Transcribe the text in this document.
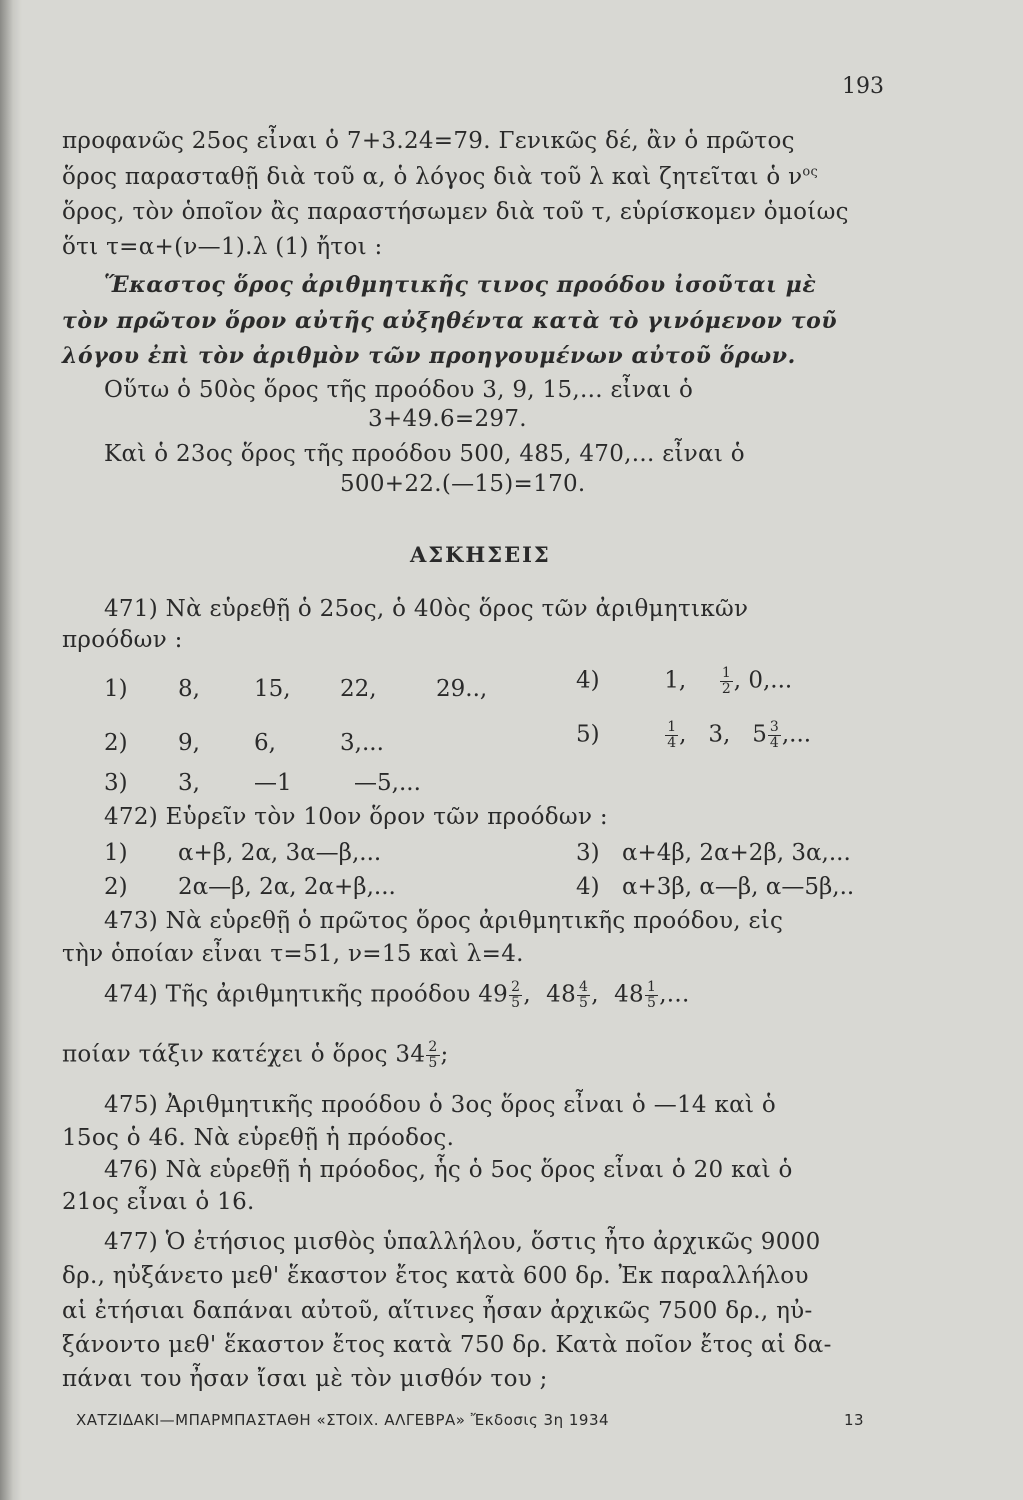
193
προφανῶς 25ος εἶναι ὁ 7+3.24=79. Γενικῶς δέ, ἂν ὁ πρῶτος
ὅρος παρασταθῇ διὰ τοῦ α, ὁ λόγος διὰ τοῦ λ καὶ ζητεῖται ὁ $\nu^{o\varsigma}$
ὅρος, τὸν ὁποῖον ἂς παραστήσωμεν διὰ τοῦ τ, εὑρίσκομεν ὁμοίως
ὅτι τ=α+(ν—1).λ (1) ἤτοι :
Ἕκαστος ὅρος ἀριθμητικῆς τινος προόδου ἰσοῦται μὲ
τὸν πρῶτον ὅρον αὐτῆς αὐξηθέντα κατὰ τὸ γινόμενον τοῦ
λόγου ἐπὶ τὸν ἀριθμὸν τῶν προηγουμένων αὐτοῦ ὅρων.
Οὕτω ὁ 50ὸς ὅρος τῆς προόδου 3, 9, 15,... εἶναι ὁ
3+49.6=297.
Καὶ ὁ 23ος ὅρος τῆς προόδου 500, 485, 470,... εἶναι ὁ
500+22.(—15)=170.
ΑΣΚΗΣΕΙΣ
471) Νὰ εὑρεθῇ ὁ 25ος, ὁ 40ὸς ὅρος τῶν ἀριθμητικῶν
προόδων :
1) 8, 15, 22,	29..,	4)	1, $\frac{1}{2}$ , 0,...
2) 9, 6,	3,...	5)	$\frac{1}{4}$ ,   3,   $5 \frac{3}{4}$ ,...
3) 3, —1	—5,...
472) Εὑρεῖν τὸν 10ον ὅρον τῶν προόδων :
1) α+β, 2α, 3α—β,...	3) α+4β, 2α+2β, 3α,...
2) 2α—β, 2α, 2α+β,...	4) α+3β, α—β, α—5β,..
473) Νὰ εὑρεθῇ ὁ πρῶτος ὅρος ἀριθμητικῆς προόδου, εἰς
τὴν ὁποίαν εἶναι τ=51, ν=15 καὶ λ=4.
474) Τῆς ἀριθμητικῆς προόδου $49 \frac{2}{5}$ ,  $48 \frac{4}{5}$ ,  $48 \frac{1}{5}$ ,...
ποίαν τάξιν κατέχει ὁ ὅρος $34 \frac{2}{5}$ ;
475) Ἀριθμητικῆς προόδου ὁ 3ος ὅρος εἶναι ὁ —14 καὶ ὁ
15ος ὁ 46. Νὰ εὑρεθῇ ἡ πρόοδος.
476) Νὰ εὑρεθῇ ἡ πρόοδος, ἧς ὁ 5ος ὅρος εἶναι ὁ 20 καὶ ὁ
21ος εἶναι ὁ 16.
477) Ὁ ἐτήσιος μισθὸς ὑπαλλήλου, ὅστις ἦτο ἀρχικῶς 9000
δρ., ηὐξάνετο μεθ' ἕκαστον ἔτος κατὰ 600 δρ. Ἐκ παραλλήλου
αἱ ἐτήσιαι δαπάναι αὐτοῦ, αἵτινες ἦσαν ἀρχικῶς 7500 δρ., ηὐ-
ξάνοντο μεθ' ἕκαστον ἔτος κατὰ 750 δρ. Κατὰ ποῖον ἔτος αἱ δα-
πάναι του ἦσαν ἴσαι μὲ τὸν μισθόν του ;
ΧΑΤΖΙΔΑΚΙ—ΜΠΑΡΜΠΑΣΤΑΘΗ «ΣΤΟΙΧ. ΑΛΓΕΒΡΑ» Ἔκδοσις 3η 1934	13
